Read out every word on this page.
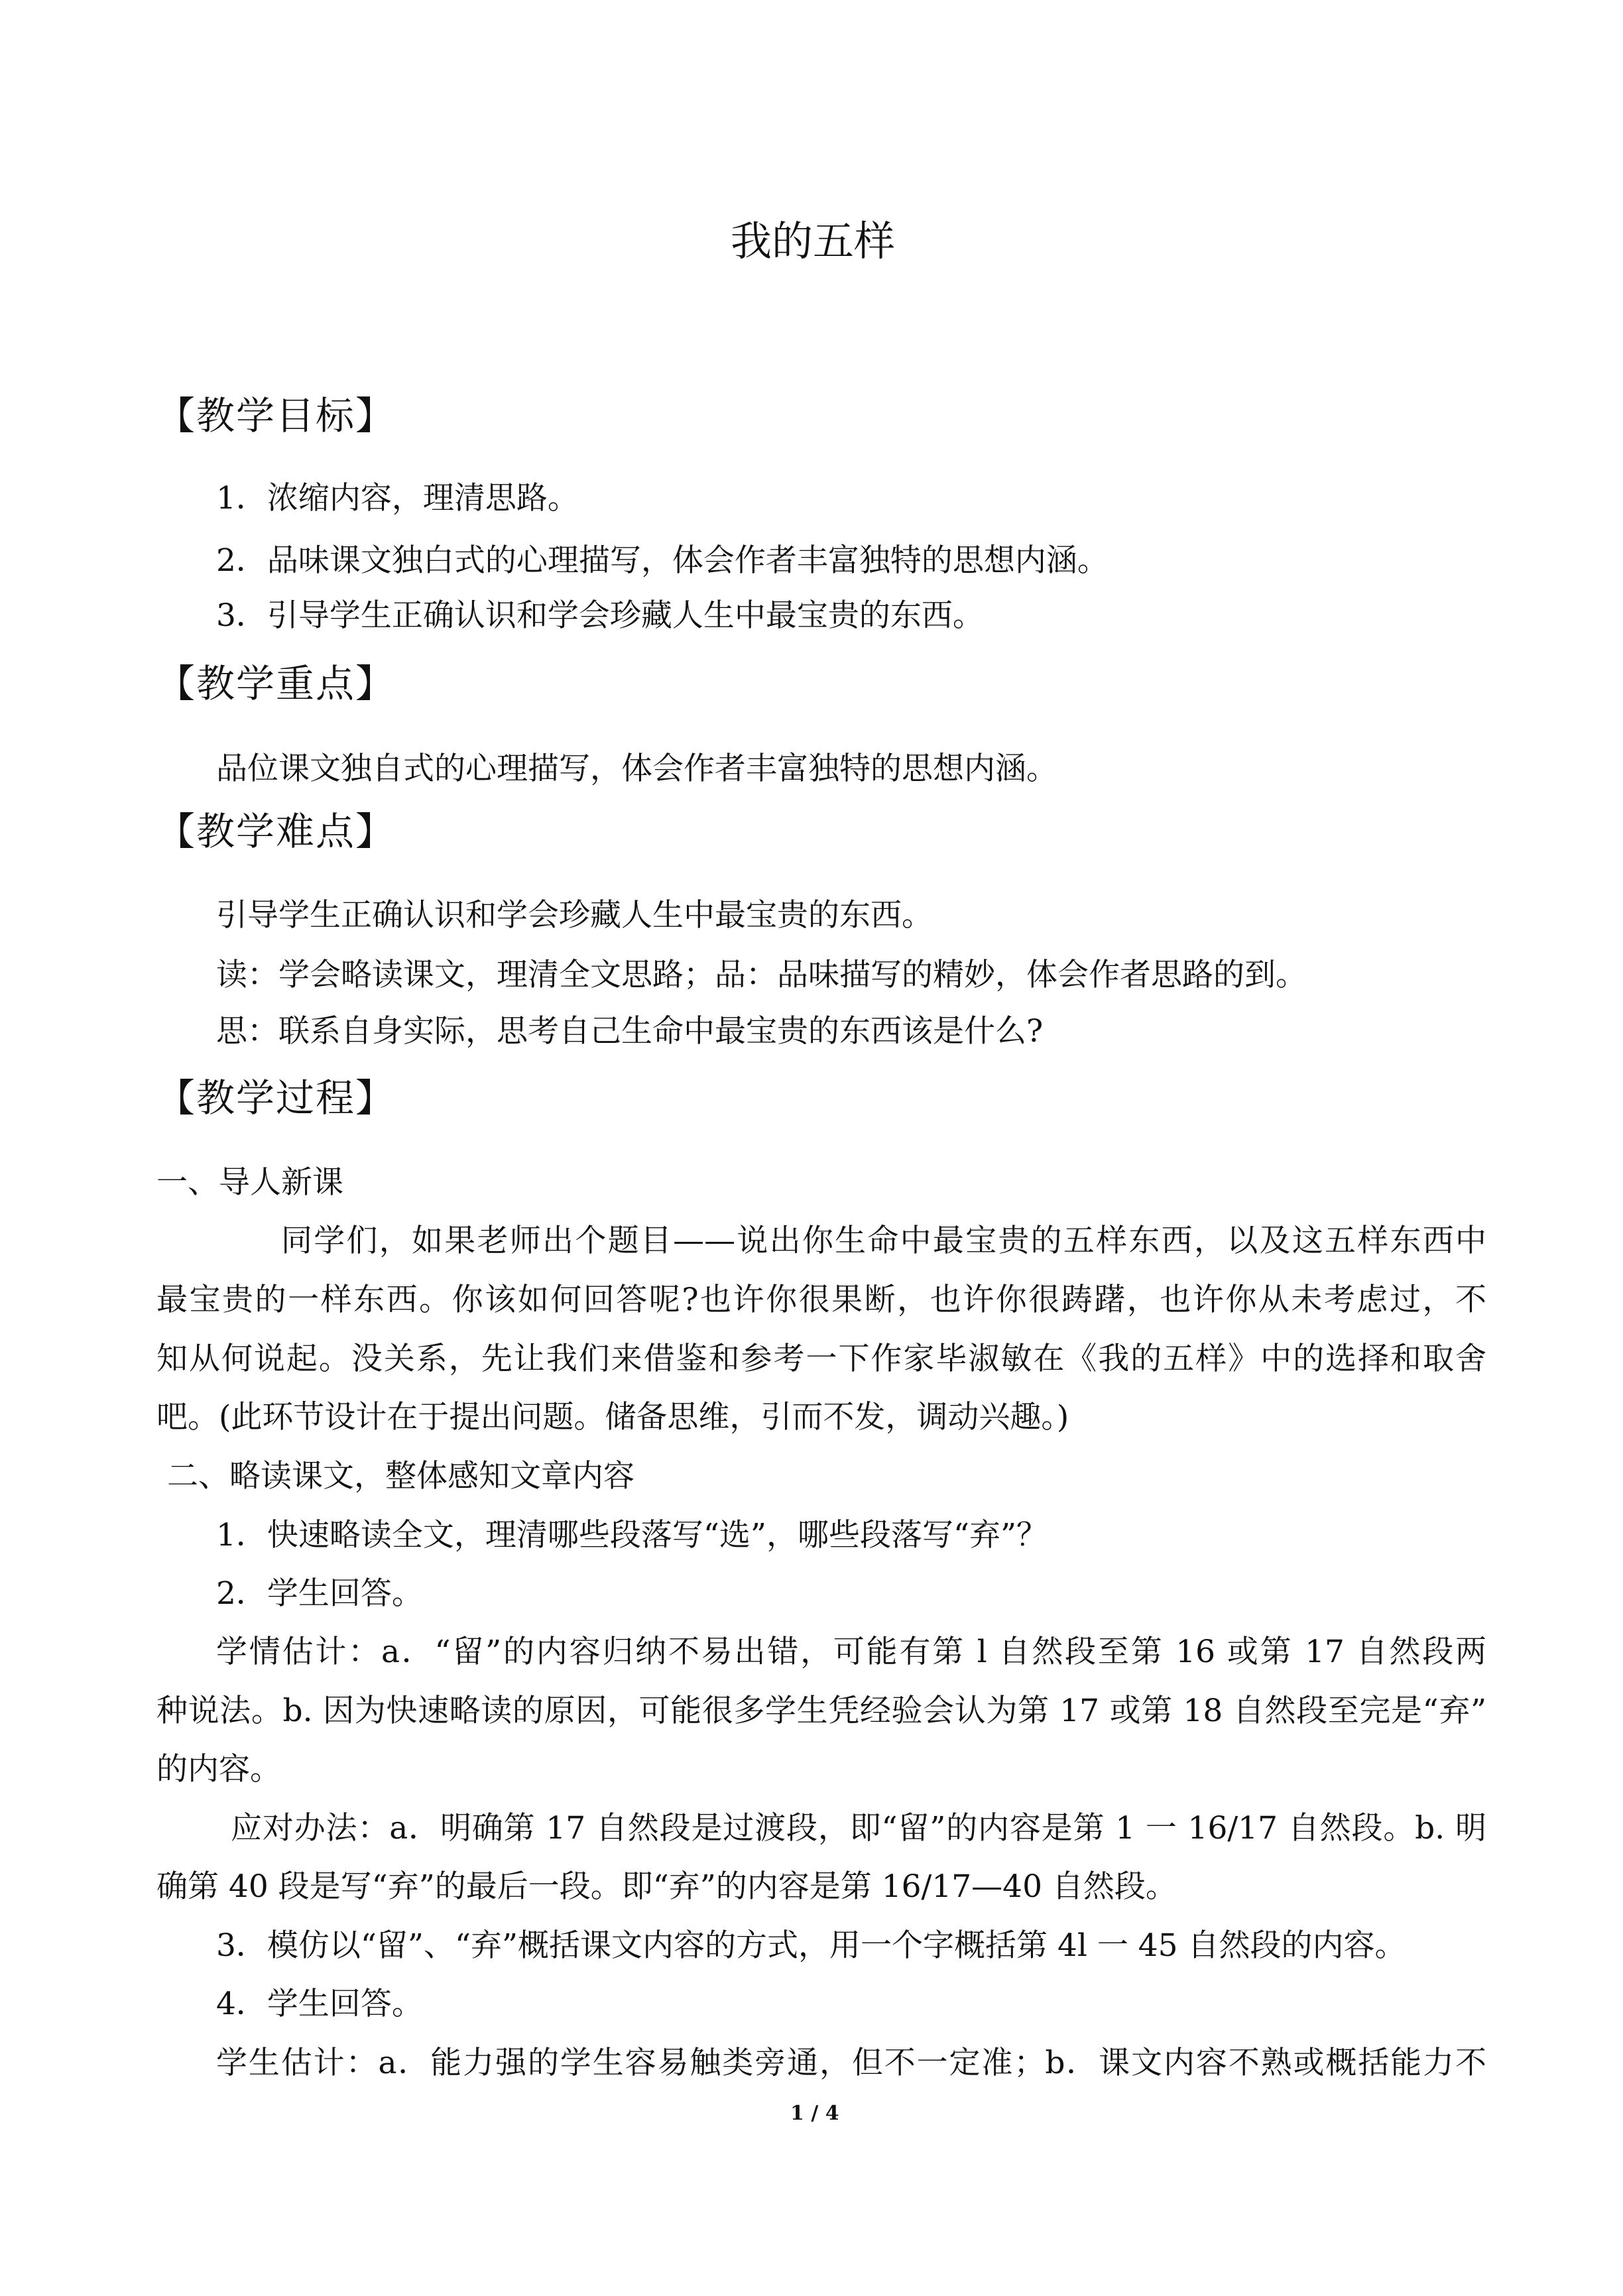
我的五样
【教学目标】
1．浓缩内容，理清思路。
2．品味课文独白式的心理描写，体会作者丰富独特的思想内涵。
3．引导学生正确认识和学会珍藏人生中最宝贵的东西。
【教学重点】
品位课文独自式的心理描写，体会作者丰富独特的思想内涵。
【教学难点】
引导学生正确认识和学会珍藏人生中最宝贵的东西。
读：学会略读课文，理清全文思路；品：品味描写的精妙，体会作者思路的到。
思：联系自身实际，思考自己生命中最宝贵的东西该是什么?
【教学过程】
一、导人新课
同学们，如果老师出个题目——说出你生命中最宝贵的五样东西，以及这五样东西中
最宝贵的一样东西。你该如何回答呢?也许你很果断，也许你很踌躇，也许你从未考虑过，不
知从何说起。没关系，先让我们来借鉴和参考一下作家毕淑敏在《我的五样》中的选择和取舍
吧。(此环节设计在于提出问题。储备思维，引而不发，调动兴趣。)
二、略读课文，整体感知文章内容
1．快速略读全文，理清哪些段落写“选”，哪些段落写“弃”？
2．学生回答。
学情估计：a．“留”的内容归纳不易出错，可能有第 l 自然段至第 16 或第 17 自然段两
种说法。b. 因为快速略读的原因，可能很多学生凭经验会认为第 17 或第 18 自然段至完是“弃”
的内容。
应对办法：a．明确第 17 自然段是过渡段，即“留”的内容是第 1 一 16/17 自然段。b. 明
确第 40 段是写“弃”的最后一段。即“弃”的内容是第 16/17—40 自然段。
3．模仿以“留”、“弃”概括课文内容的方式，用一个字概括第 4l 一 45 自然段的内容。
4．学生回答。
学生估计：a．能力强的学生容易触类旁通，但不一定准；b．课文内容不熟或概括能力不
1 / 4
